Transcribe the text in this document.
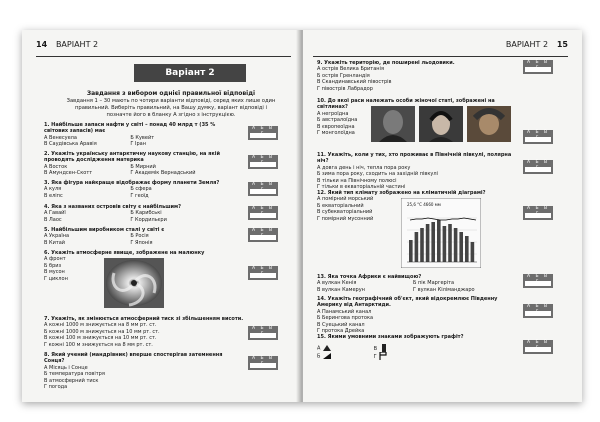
14 ВАРІАНТ 2
Варіант 2
Завдання з вибором однієї правильної відповіді
Завдання 1 – 30 мають по чотири варіанти відповіді, серед яких лише один правильний. Виберіть правильний, на Вашу думку, варіант відповіді і позначте його в бланку А згідно з інструкцією.
1. Найбільше запаси нафти у світі – понад 40 млрд т (35 % світових запасів) має
А Венесуела	Б Кувейт В Саудівська Аравія	Г Іран
А Б В
2. Укажіть українську антарктичну наукову станцію, на якій проводять дослідження материка
А Восток	Б Мирний В Амундсен-Скотт	Г Академік Вернадський
А Б В
3. Яка фігура найкраще відображає форму планети Земля?
А куля	Б сфера В еліпс	Г геоїд
А Б В
4. Яка з названих островів світу є найбільшим?
А Гавайї	Б Карибські В Лаос	Г Кордильєри
А Б В
5. Найбільшим виробником сталі у світі є
А Україна	Б Росія В Китай	Г Японія
А Б В
6. Укажіть атмосферне явище, зображене на малюнку
А фронт
Б бриз
В мусон
Г циклон
А Б В
7. Укажіть, як змінюється атмосферний тиск зі збільшенням висоти.
А кожні 1000 м знижується на 8 мм рт. ст.
Б кожні 1000 м знижується на 10 мм рт. ст.
В кожні 100 м знижується на 10 мм рт. ст.
Г кожні 100 м знижується на 8 мм рт. ст.
А Б В
8. Який учений (мандрівник) вперше спостерігав затемнення Сонця?
А Місяць і Сонце
Б температура повітря
В атмосферний тиск
Г погода
А Б В
ВАРІАНТ 2 15
9. Укажіть територію, де поширені льодовики.
А острів Велика Британія
Б острів Гренландія
В Скандинавський півострів
Г півострів Лабрадор
А Б В
10. До якої раси належать особи жіночої статі, зображені на світлинах?
А негроїдна
Б австралоїдна
В європеоїдна
Г монголоїдна	А Б В
11. Укажіть, коли у тих, хто проживає в Північній півкулі, полярна ніч?
А довга день і ніч, тепла пора року
Б зима пора року, сходить на західній півкулі
В тільки на Північному полюсі
Г тільки в екваторіальній частині
А Б В
12. Який тип клімату зображено на кліматичній діаграмі?
А помірний морський
Б екваторіальний
В субекваторіальний
Г помірний мусонний
25,6 °С 4660 мм
А Б В
13. Яка точка Африки є найвищою?
А вулкан Кенія	Б пік Маргеріта В вулкан Камерун	Г вулкан Кіліманджаро
А Б В
14. Укажіть географічний об'єкт, який відокремлює Південну Америку від Антарктиди.
А Панамський канал
Б Берингова протока
В Суецький канал
Г протока Дрейка
А Б В
15. Якими умовними знаками зображують графіт?
А	В
Б	Г
А Б В
